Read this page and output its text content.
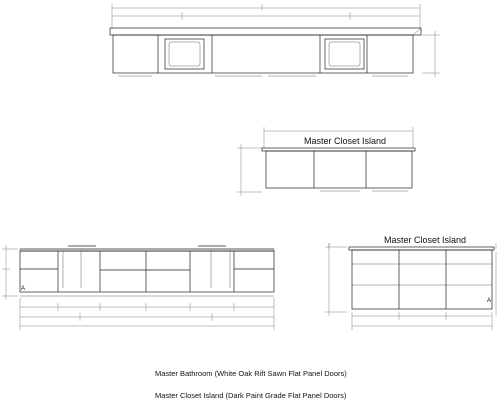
Master Closet Island
A
Master Closet Island
A
Master Bathroom (White Oak Rift Sawn Flat Panel Doors)
Master Closet Island (Dark Paint Grade Flat Panel Doors)
